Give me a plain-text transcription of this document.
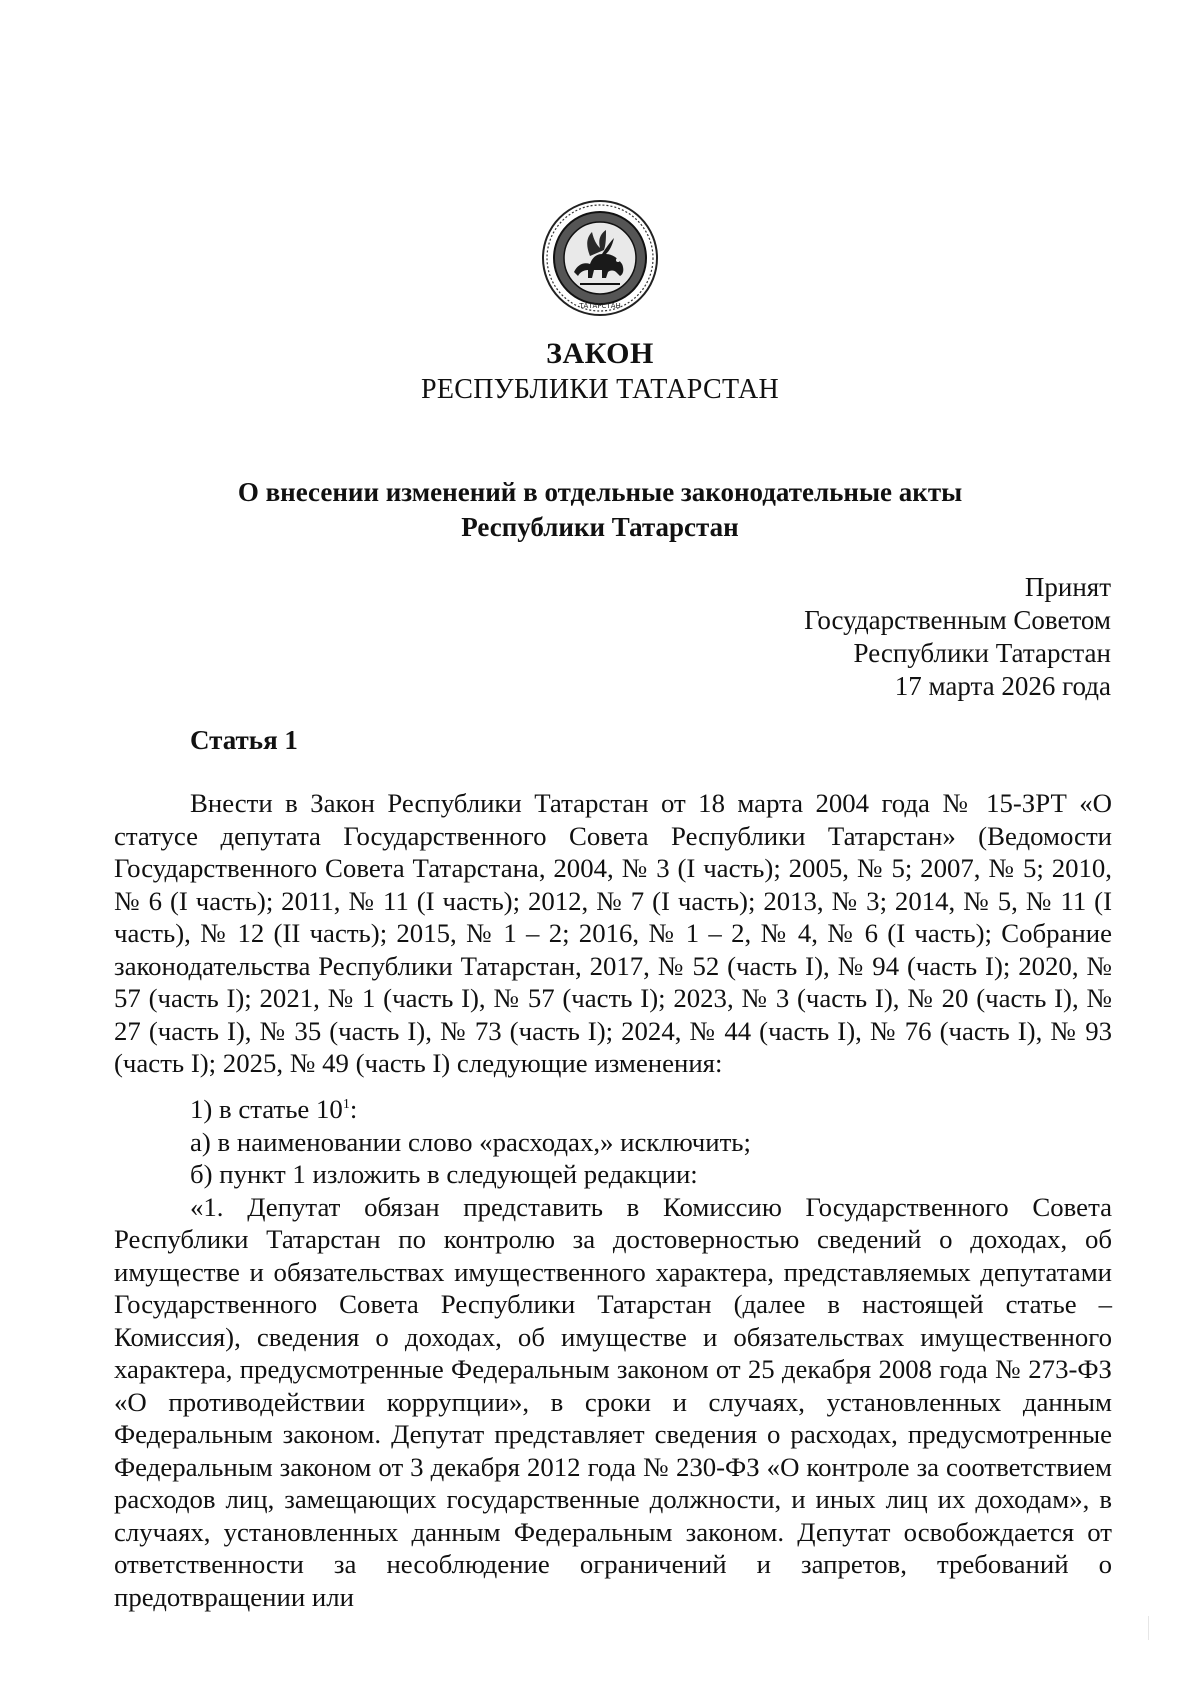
ТАТАРСТАН
ЗАКОН
РЕСПУБЛИКИ ТАТАРСТАН
О внесении изменений в отдельные законодательные акты
Республики Татарстан
Принят
Государственным Советом
Республики Татарстан
17 марта 2026 года
Статья 1

Внести в Закон Республики Татарстан от 18 марта 2004 года № 15-ЗРТ «О статусе депутата Государственного Совета Республики Татарстан» (Ведомости Государственного Совета Татарстана, 2004, № 3 (I часть); 2005, № 5; 2007, № 5; 2010, № 6 (I часть); 2011, № 11 (I часть); 2012, № 7 (I часть); 2013, № 3; 2014, № 5, № 11 (I часть), № 12 (II часть); 2015, № 1 – 2; 2016, № 1 – 2, № 4, № 6 (I часть); Собрание законодательства Республики Татарстан, 2017, № 52 (часть I), № 94 (часть I); 2020, № 57 (часть I); 2021, № 1 (часть I), № 57 (часть I); 2023, № 3 (часть I), № 20 (часть I), № 27 (часть I), № 35 (часть I), № 73 (часть I); 2024, № 44 (часть I), № 76 (часть I), № 93 (часть I); 2025, № 49 (часть I) следующие изменения:

1) в статье $10^1$:

а) в наименовании слово «расходах,» исключить;

б) пункт 1 изложить в следующей редакции:

«1. Депутат обязан представить в Комиссию Государственного Совета Республики Татарстан по контролю за достоверностью сведений о доходах, об имуществе и обязательствах имущественного характера, представляемых депутатами Государственного Совета Республики Татарстан (далее в настоящей статье – Комиссия), сведения о доходах, об имуществе и обязательствах имущественного характера, предусмотренные Федеральным законом от 25 декабря 2008 года № 273-ФЗ «О противодействии коррупции», в сроки и случаях, установленных данным Федеральным законом. Депутат представляет сведения о расходах, предусмотренные Федеральным законом от 3 декабря 2012 года № 230-ФЗ «О контроле за соответствием расходов лиц, замещающих государственные должности, и иных лиц их доходам», в случаях, установленных данным Федеральным законом. Депутат освобождается от ответственности за несоблюдение ограничений и запретов, требований о предотвращении или
